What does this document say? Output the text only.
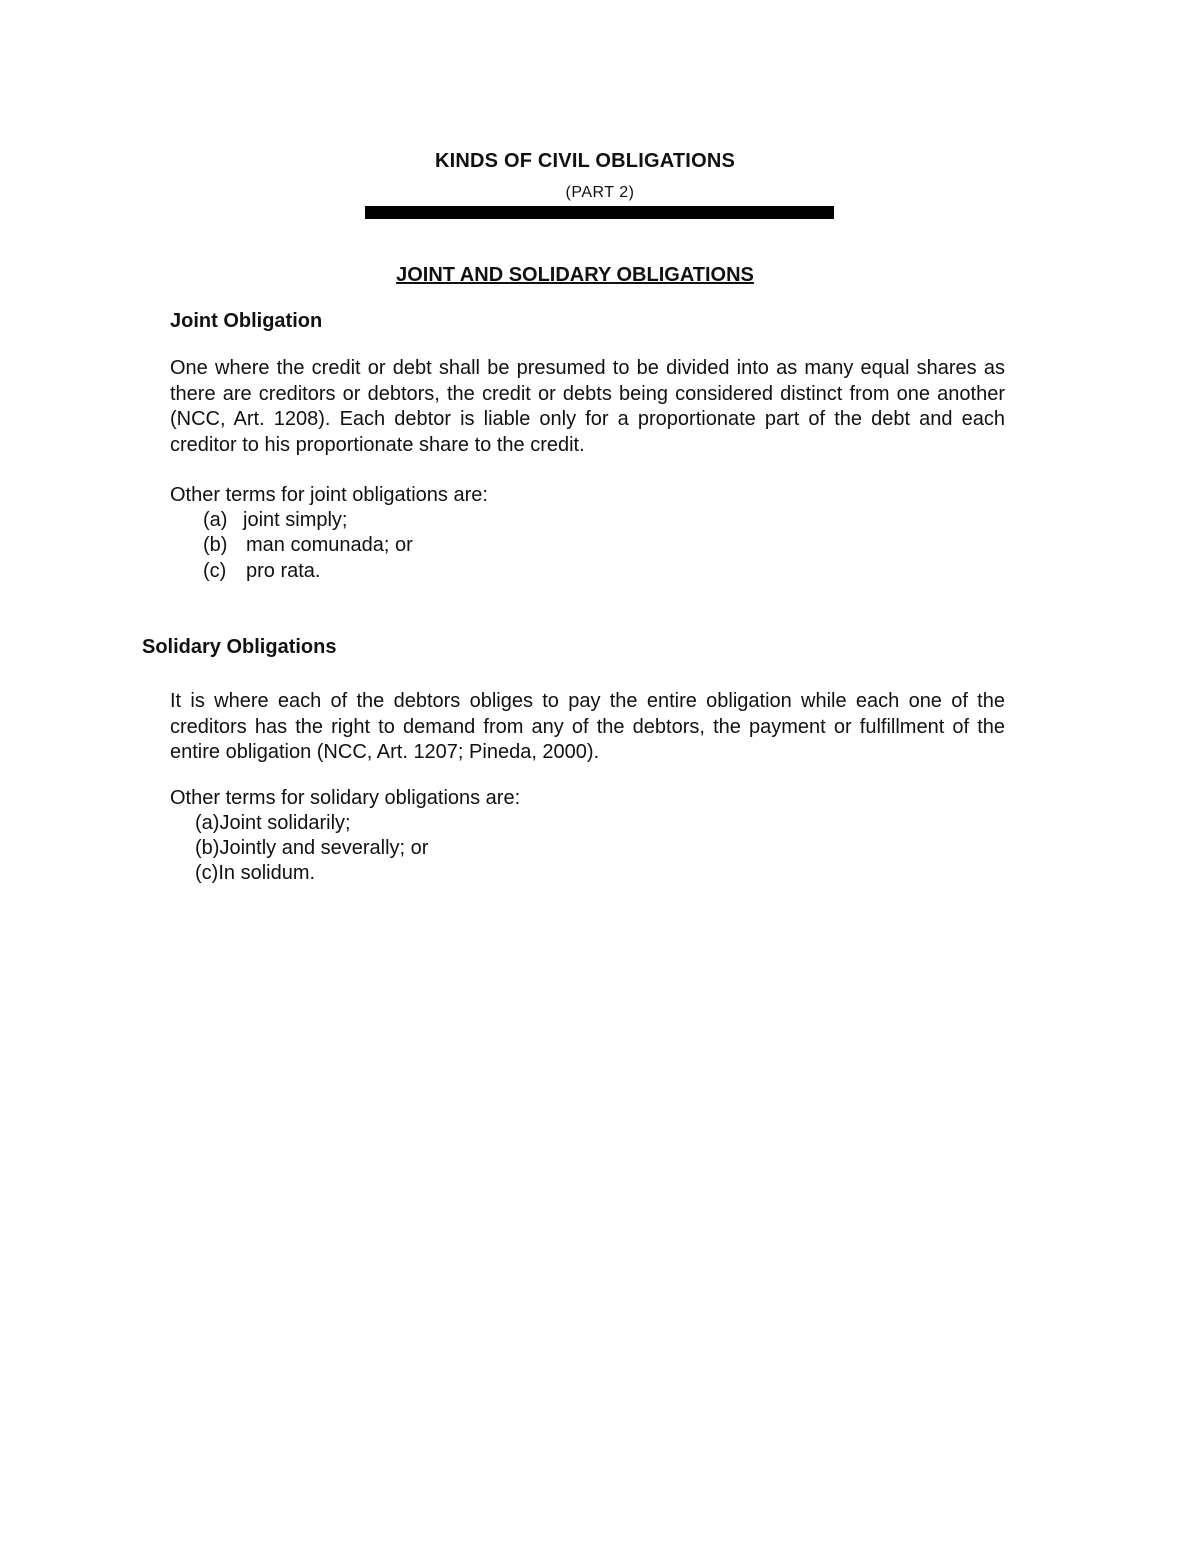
KINDS OF CIVIL OBLIGATIONS
(PART 2)
JOINT AND SOLIDARY OBLIGATIONS
Joint Obligation

One where the credit or debt shall be presumed to be divided into as many equal shares as there are creditors or debtors, the credit or debts being considered distinct from one another (NCC, Art. 1208). Each debtor is liable only for a proportionate part of the debt and each creditor to his proportionate share to the credit.

Other terms for joint obligations are:
(a) joint simply;
(b) man comunada; or
(c) pro rata.
Solidary Obligations

It is where each of the debtors obliges to pay the entire obligation while each one of the creditors has the right to demand from any of the debtors, the payment or fulfillment of the entire obligation (NCC, Art. 1207; Pineda, 2000).

Other terms for solidary obligations are:
(a)Joint solidarily;
(b)Jointly and severally; or
(c)In solidum.
